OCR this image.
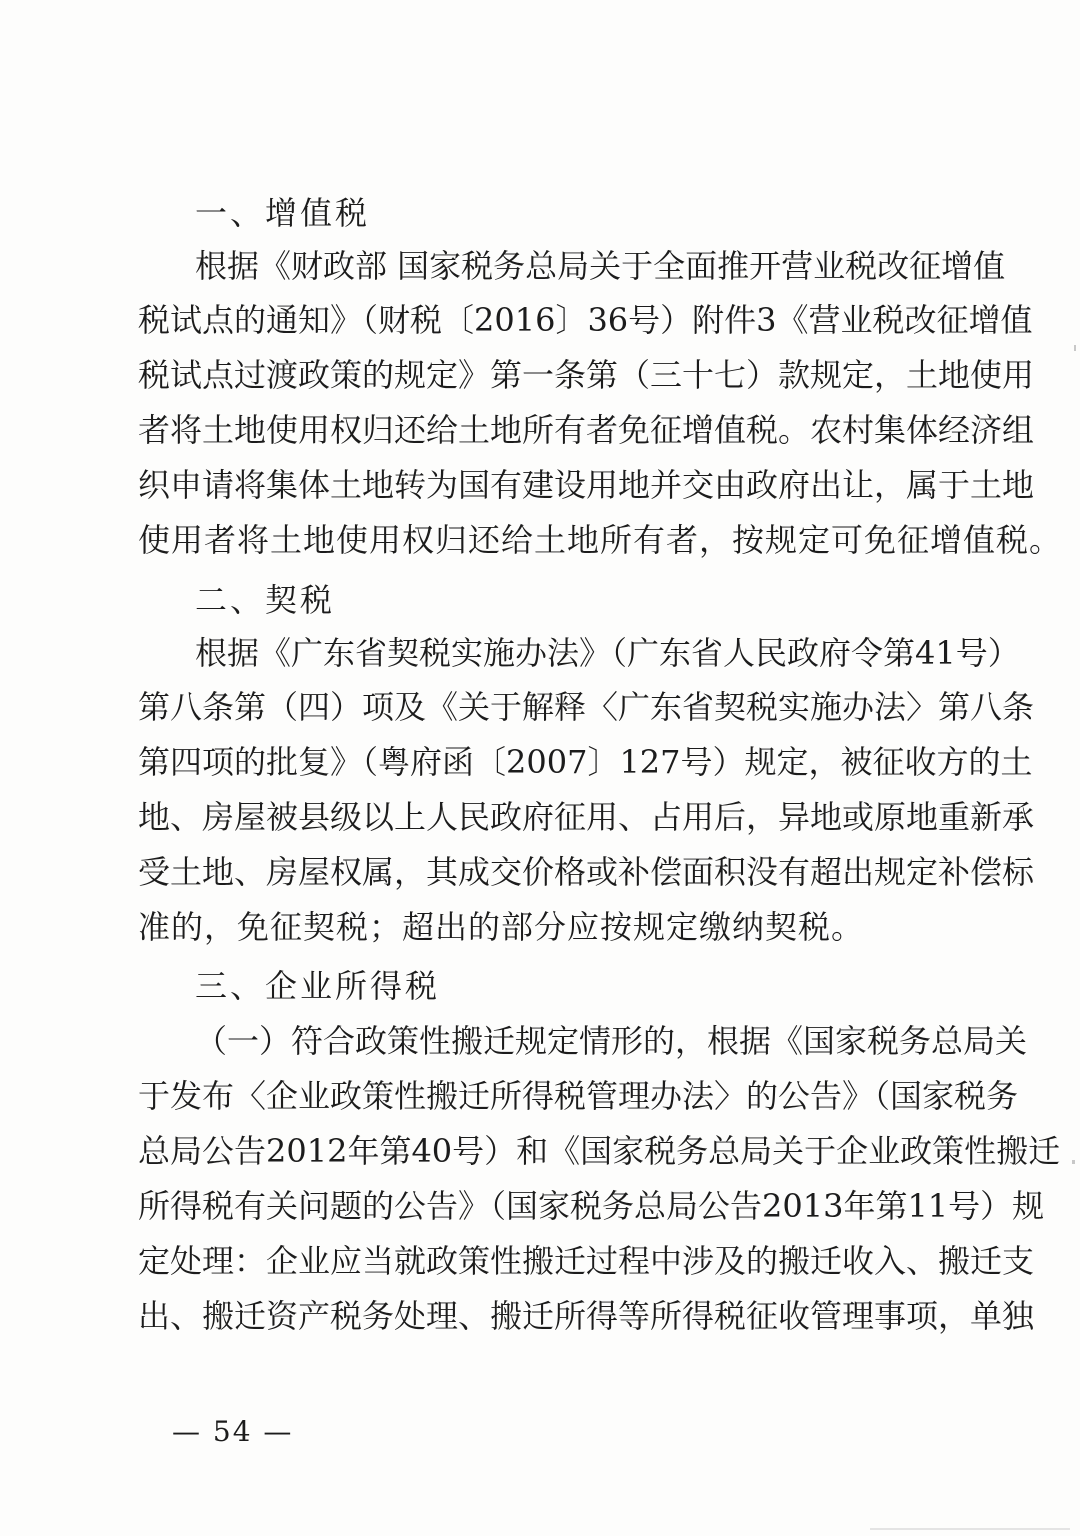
一、增值税
根据《财政部 国家税务总局关于全面推开营业税改征增值
税试点的通知》（财税〔2016〕36号）附件3《营业税改征增值
税试点过渡政策的规定》第一条第（三十七）款规定，土地使用
者将土地使用权归还给土地所有者免征增值税。农村集体经济组
织申请将集体土地转为国有建设用地并交由政府出让，属于土地
使用者将土地使用权归还给土地所有者，按规定可免征增值税。
二、契税
根据《广东省契税实施办法》（广东省人民政府令第41号）
第八条第（四）项及《关于解释〈广东省契税实施办法〉第八条
第四项的批复》（粤府函〔2007〕127号）规定，被征收方的土
地、房屋被县级以上人民政府征用、占用后，异地或原地重新承
受土地、房屋权属，其成交价格或补偿面积没有超出规定补偿标
准的，免征契税；超出的部分应按规定缴纳契税。
三、企业所得税
（一）符合政策性搬迁规定情形的，根据《国家税务总局关
于发布〈企业政策性搬迁所得税管理办法〉的公告》（国家税务
总局公告2012年第40号）和《国家税务总局关于企业政策性搬迁
所得税有关问题的公告》（国家税务总局公告2013年第11号）规
定处理：企业应当就政策性搬迁过程中涉及的搬迁收入、搬迁支
出、搬迁资产税务处理、搬迁所得等所得税征收管理事项，单独
— 54 —
